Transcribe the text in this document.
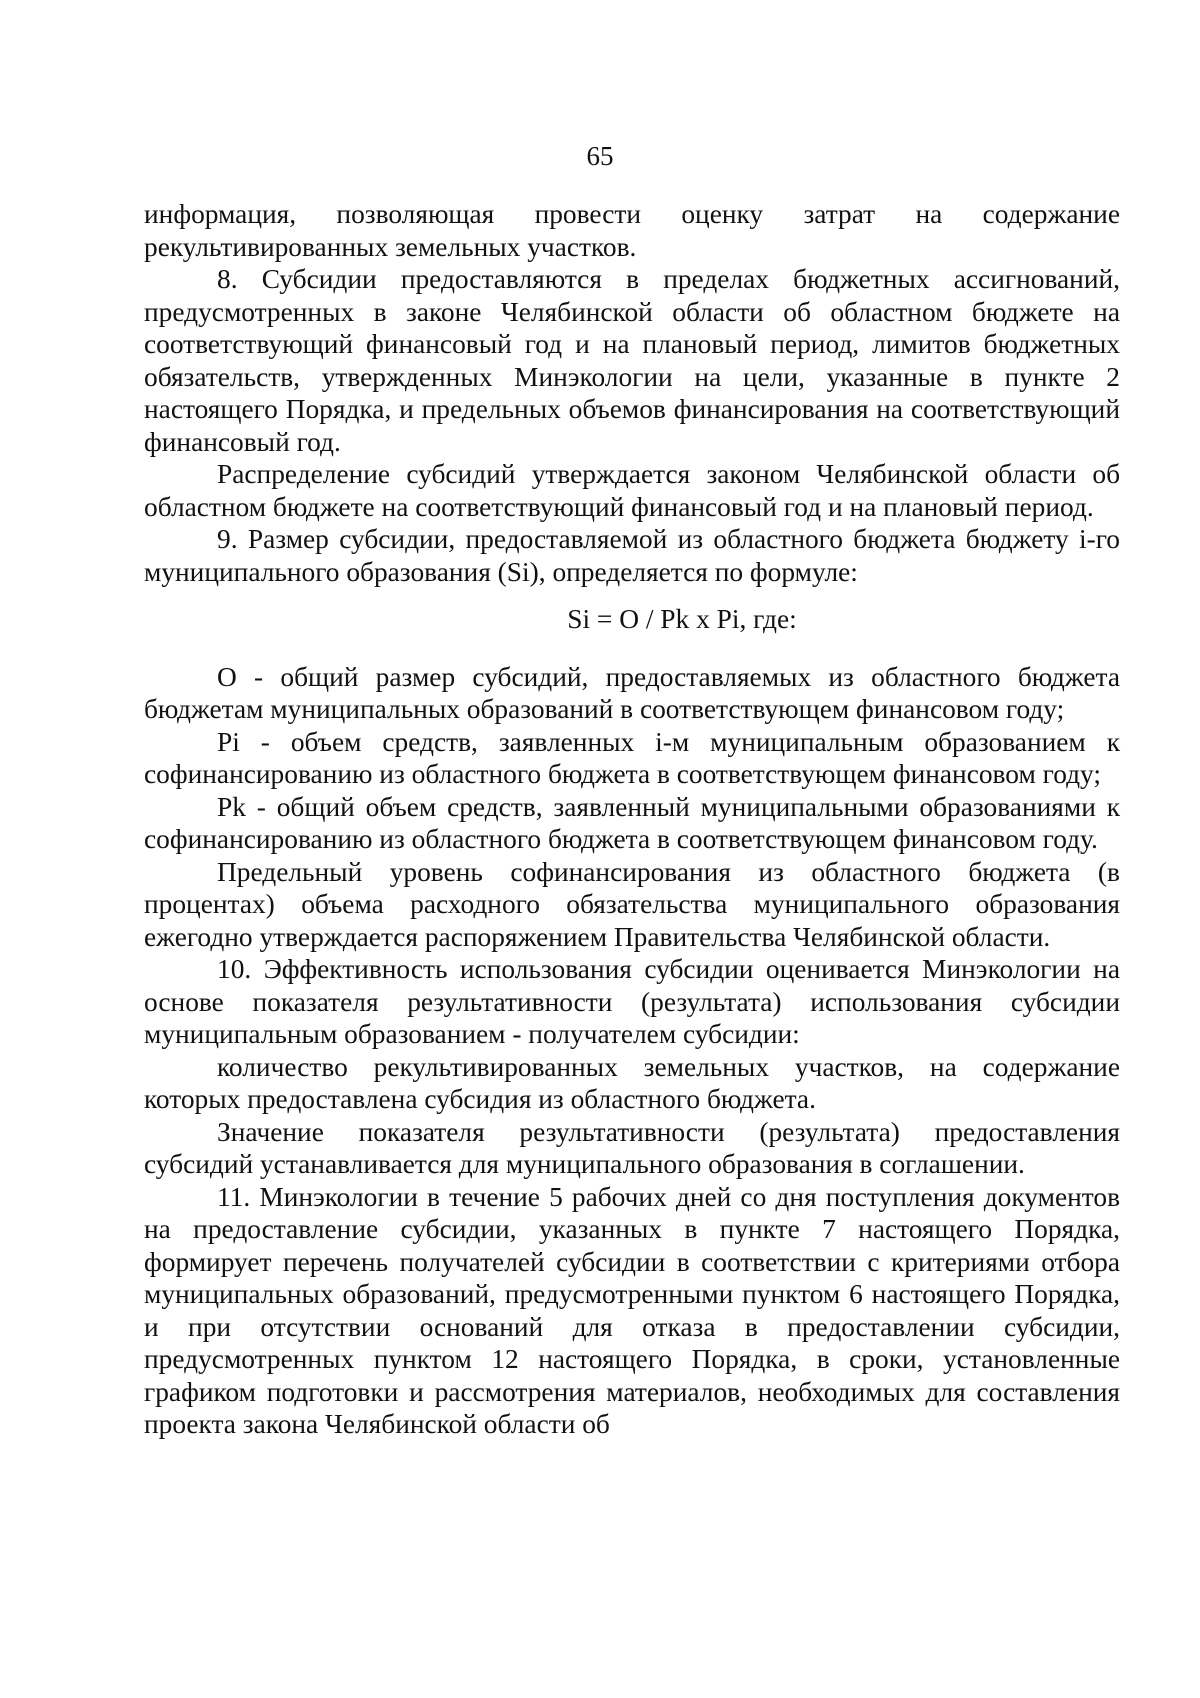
65

информация, позволяющая провести оценку затрат на содержание рекультивированных земельных участков.

8. Субсидии предоставляются в пределах бюджетных ассигнований, предусмотренных в законе Челябинской области об областном бюджете на соответствующий финансовый год и на плановый период, лимитов бюджетных обязательств, утвержденных Минэкологии на цели, указанные в пункте 2 настоящего Порядка, и предельных объемов финансирования на соответствующий финансовый год.

Распределение субсидий утверждается законом Челябинской области об областном бюджете на соответствующий финансовый год и на плановый период.

9. Размер субсидии, предоставляемой из областного бюджета бюджету i-го муниципального образования (Si), определяется по формуле:

Si = O / Pk x Pi, где:

O - общий размер субсидий, предоставляемых из областного бюджета бюджетам муниципальных образований в соответствующем финансовом году;

Pi - объем средств, заявленных i-м муниципальным образованием к софинансированию из областного бюджета в соответствующем финансовом году;

Pk - общий объем средств, заявленный муниципальными образованиями к софинансированию из областного бюджета в соответствующем финансовом году.

Предельный уровень софинансирования из областного бюджета (в процентах) объема расходного обязательства муниципального образования ежегодно утверждается распоряжением Правительства Челябинской области.

10. Эффективность использования субсидии оценивается Минэкологии на основе показателя результативности (результата) использования субсидии муниципальным образованием - получателем субсидии:

количество рекультивированных земельных участков, на содержание которых предоставлена субсидия из областного бюджета.

Значение показателя результативности (результата) предоставления субсидий устанавливается для муниципального образования в соглашении.

11. Минэкологии в течение 5 рабочих дней со дня поступления документов на предоставление субсидии, указанных в пункте 7 настоящего Порядка, формирует перечень получателей субсидии в соответствии с критериями отбора муниципальных образований, предусмотренными пунктом 6 настоящего Порядка, и при отсутствии оснований для отказа в предоставлении субсидии, предусмотренных пунктом 12 настоящего Порядка, в сроки, установленные графиком подготовки и рассмотрения материалов, необходимых для составления проекта закона Челябинской области об
